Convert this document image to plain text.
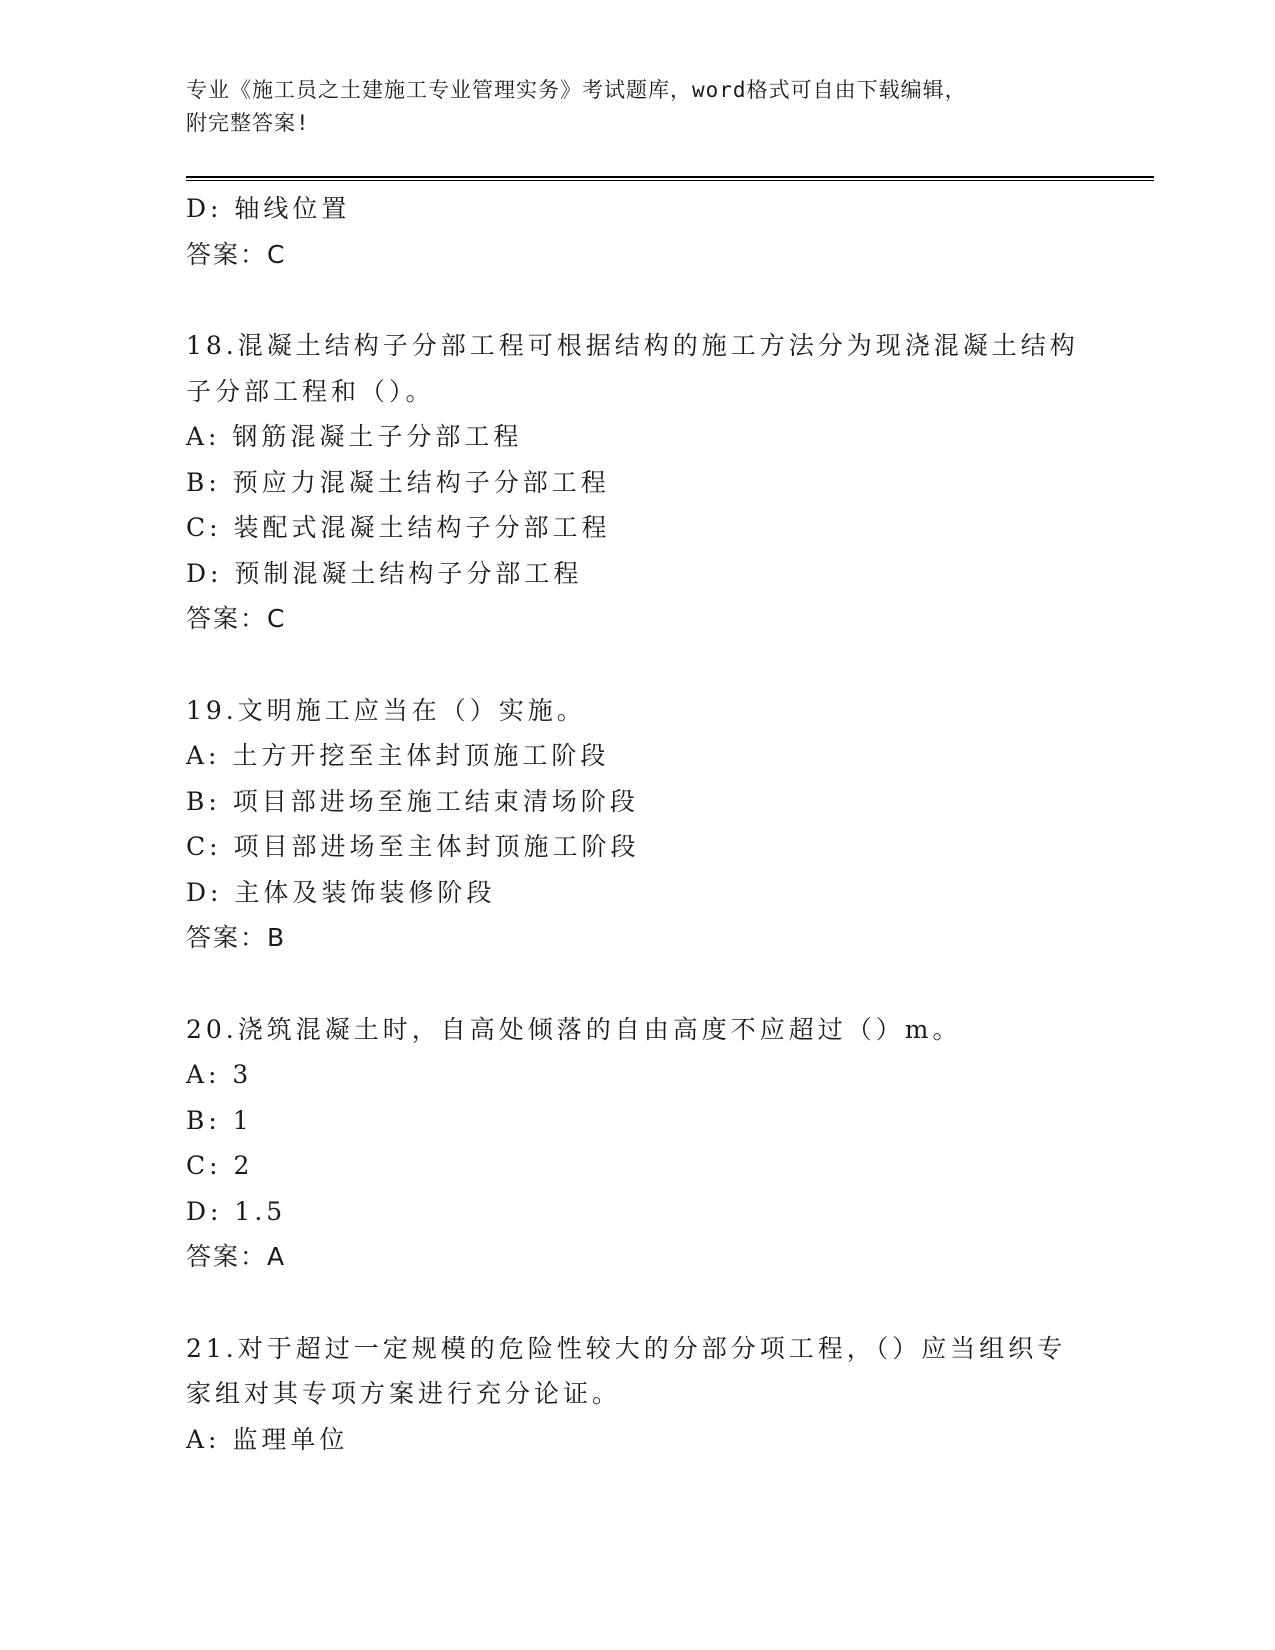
专业《施工员之土建施工专业管理实务》考试题库，word格式可自由下载编辑，
附完整答案!
D: 轴线位置
答案：C
18.混凝土结构子分部工程可根据结构的施工方法分为现浇混凝土结构
子分部工程和（）。
A: 钢筋混凝土子分部工程
B: 预应力混凝土结构子分部工程
C: 装配式混凝土结构子分部工程
D: 预制混凝土结构子分部工程
答案：C
19.文明施工应当在（）实施。
A: 土方开挖至主体封顶施工阶段
B: 项目部进场至施工结束清场阶段
C: 项目部进场至主体封顶施工阶段
D: 主体及装饰装修阶段
答案：B
20.浇筑混凝土时，自高处倾落的自由高度不应超过（）m。
A: 3
B: 1
C: 2
D: 1.5
答案：A
21.对于超过一定规模的危险性较大的分部分项工程，（）应当组织专
家组对其专项方案进行充分论证。
A: 监理单位
